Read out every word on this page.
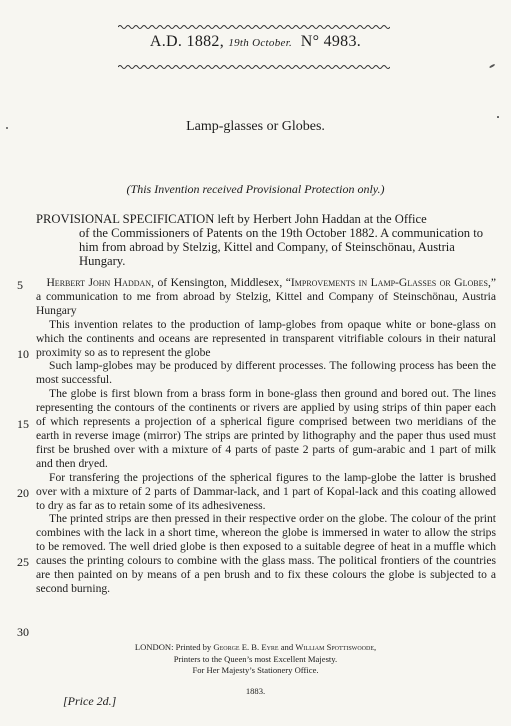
A.D. 1882, 19th October. N° 4983.
Lamp-glasses or Globes.
(This Invention received Provisional Protection only.)
PROVISIONAL SPECIFICATION left by Herbert John Haddan at the Office
of the Commissioners of Patents on the 19th October 1882. A communication to him from abroad by Stelzig, Kittel and Company, of Steinschönau, Austria Hungary.
5
10
15
20
25
30

Herbert John Haddan, of Kensington, Middlesex, “Improvements in Lamp-Glasses or Globes,” a communication to me from abroad by Stelzig, Kittel and Company of Steinschönau, Austria Hungary

This invention relates to the production of lamp-globes from opaque white or bone-glass on which the continents and oceans are represented in transparent vitrifiable colours in their natural proximity so as to represent the globe

Such lamp-globes may be produced by different processes. The following process has been the most successful.

The globe is first blown from a brass form in bone-glass then ground and bored out. The lines representing the contours of the continents or rivers are applied by using strips of thin paper each of which represents a projection of a spherical figure comprised between two meridians of the earth in reverse image (mirror) The strips are printed by lithography and the paper thus used must first be brushed over with a mixture of 4 parts of paste 2 parts of gum-arabic and 1 part of milk and then dryed.

For transfering the projections of the spherical figures to the lamp-globe the latter is brushed over with a mixture of 2 parts of Dammar-lack, and 1 part of Kopal-lack and this coating allowed to dry as far as to retain some of its adhesiveness.

The printed strips are then pressed in their respective order on the globe. The colour of the print combines with the lack in a short time, whereon the globe is immersed in water to allow the strips to be removed. The well dried globe is then exposed to a suitable degree of heat in a muffle which causes the printing colours to combine with the glass mass. The political frontiers of the countries are then painted on by means of a pen brush and to fix these colours the globe is subjected to a second burning.

LONDON: Printed by George E. B. Eyre and William Spottiswoode,
Printers to the Queen’s most Excellent Majesty.
For Her Majesty’s Stationery Office.
1883.
[Price 2d.]
